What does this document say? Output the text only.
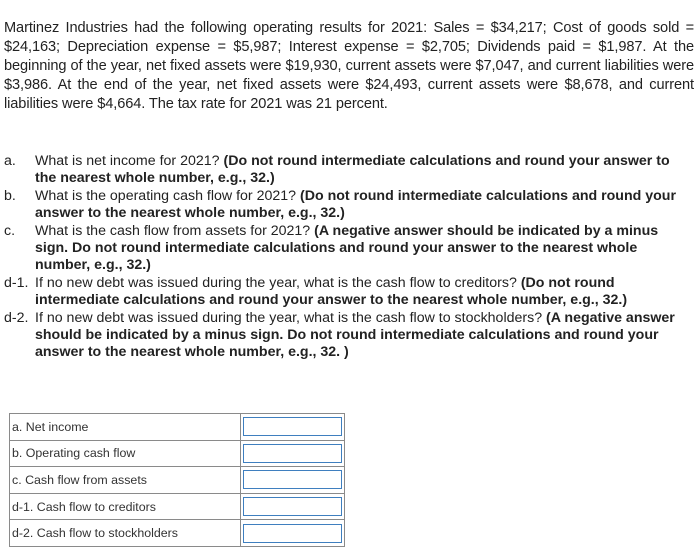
Martinez Industries had the following operating results for 2021: Sales = $34,217; Cost of goods sold = $24,163; Depreciation expense = $5,987; Interest expense = $2,705; Dividends paid = $1,987. At the beginning of the year, net fixed assets were $19,930, current assets were $7,047, and current liabilities were $3,986. At the end of the year, net fixed assets were $24,493, current assets were $8,678, and current liabilities were $4,664. The tax rate for 2021 was 21 percent.
a. What is net income for 2021? (Do not round intermediate calculations and round your answer to the nearest whole number, e.g., 32.)
b. What is the operating cash flow for 2021? (Do not round intermediate calculations and round your answer to the nearest whole number, e.g., 32.)
c. What is the cash flow from assets for 2021? (A negative answer should be indicated by a minus sign. Do not round intermediate calculations and round your answer to the nearest whole number, e.g., 32.)
d-1. If no new debt was issued during the year, what is the cash flow to creditors? (Do not round intermediate calculations and round your answer to the nearest whole number, e.g., 32.)
d-2. If no new debt was issued during the year, what is the cash flow to stockholders? (A negative answer should be indicated by a minus sign. Do not round intermediate calculations and round your answer to the nearest whole number, e.g., 32. )
a. Net income	

b. Operating cash flow	

c. Cash flow from assets	

d-1. Cash flow to creditors	

d-2. Cash flow to stockholders	
